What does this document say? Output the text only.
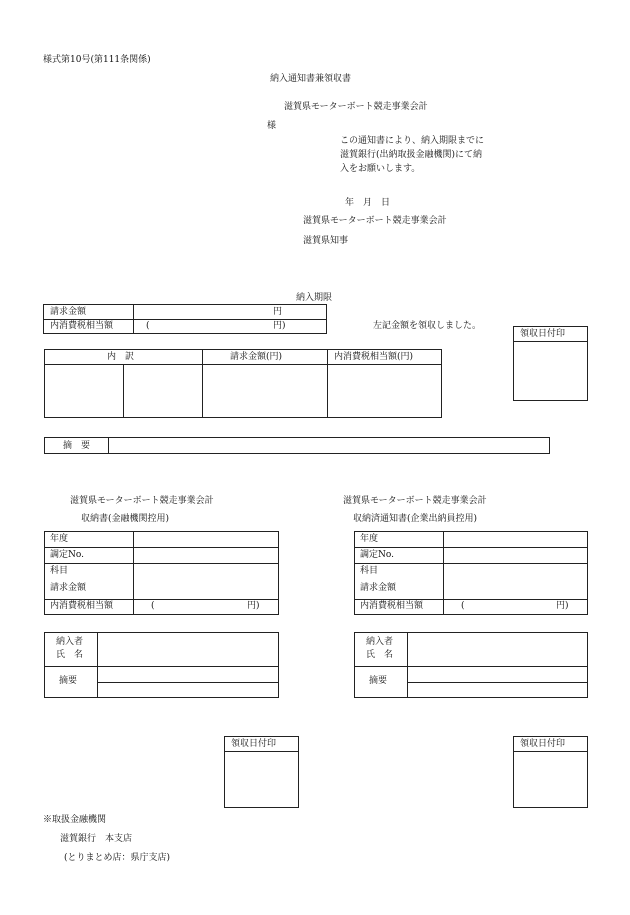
様式第10号(第111条関係)
納入通知書兼領収書
滋賀県モーターボート競走事業会計
様
この通知書により、納入期限までに
滋賀銀行(出納取扱金融機関)にて納
入をお願いします。
年　月　日
滋賀県モーターボート競走事業会計
滋賀県知事
納入期限
請求金額	円
内消費税相当額	(	円)	左記金額を領収しました。
領収日付印
内　訳	請求金額(円)	内消費税相当額(円)
摘　要
滋賀県モーターボート競走事業会計
収納書(金融機関控用)
年度
調定No.
科目
請求金額
内消費税相当額	(	円)
納入者
氏　名
摘要
領収日付印
滋賀県モーターボート競走事業会計
収納済通知書(企業出納員控用)
年度
調定No.
科目
請求金額
内消費税相当額	(	円)
納入者
氏　名
摘要
領収日付印
※取扱金融機関
滋賀銀行　本支店
(とりまとめ店：県庁支店)
